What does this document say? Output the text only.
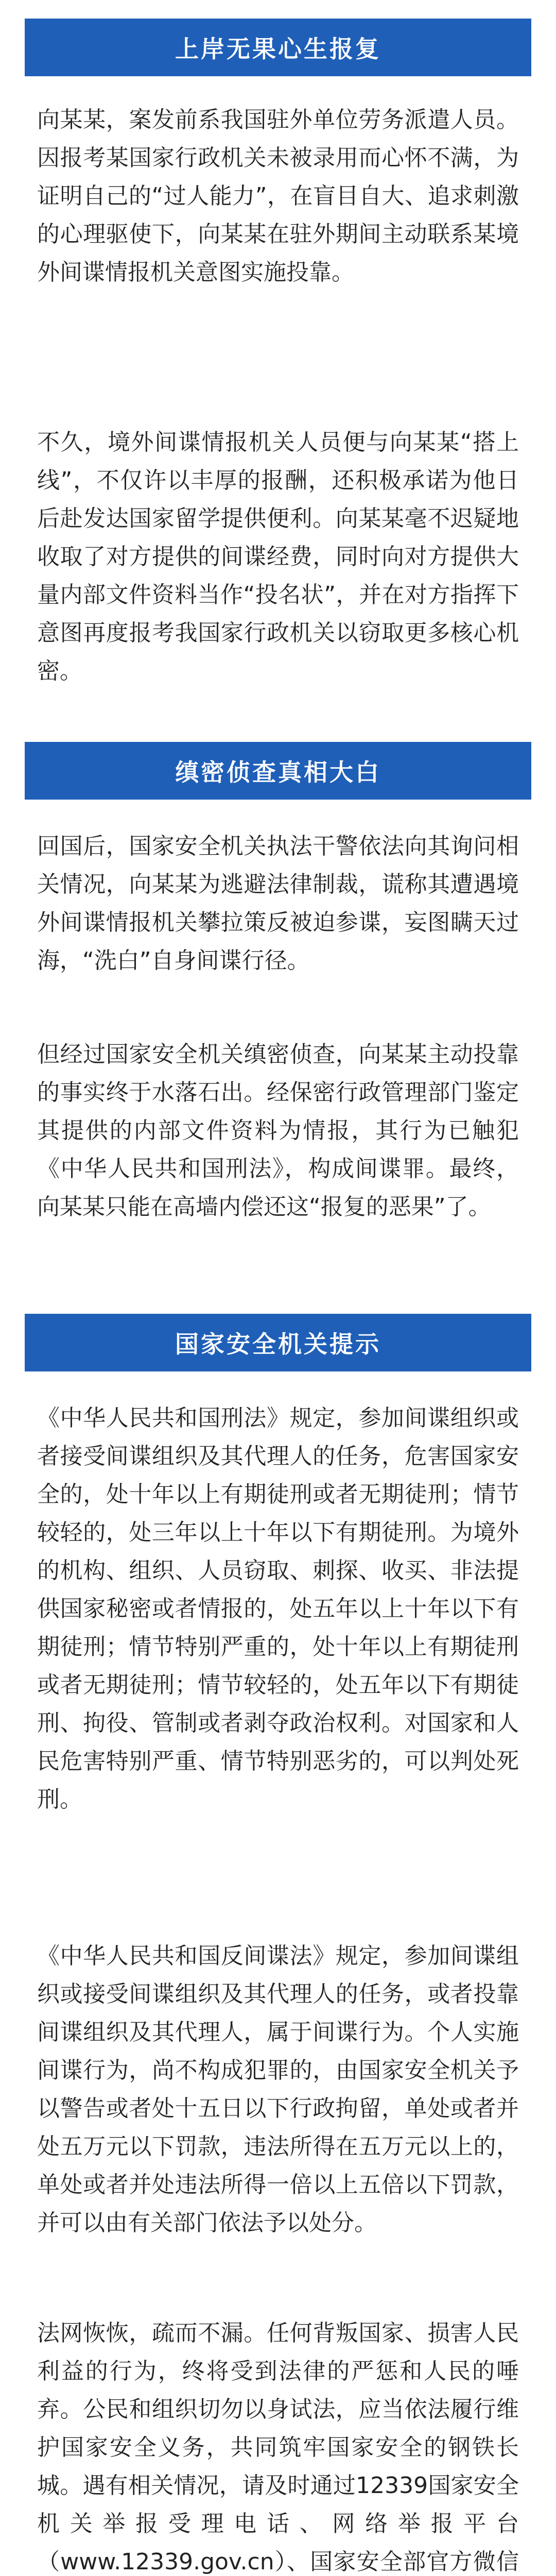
上岸无果心生报复

向某某，案发前系我国驻外单位劳务派遣人员。因报考某国家行政机关未被录用而心怀不满，为证明自己的“过人能力”，在盲目自大、追求刺激的心理驱使下，向某某在驻外期间主动联系某境外间谍情报机关意图实施投靠。

不久，境外间谍情报机关人员便与向某某“搭上线”，不仅许以丰厚的报酬，还积极承诺为他日后赴发达国家留学提供便利。向某某毫不迟疑地收取了对方提供的间谍经费，同时向对方提供大量内部文件资料当作“投名状”，并在对方指挥下意图再度报考我国家行政机关以窃取更多核心机密。

缜密侦查真相大白

回国后，国家安全机关执法干警依法向其询问相关情况，向某某为逃避法律制裁，谎称其遭遇境外间谍情报机关攀拉策反被迫参谍，妄图瞒天过海，“洗白”自身间谍行径。

但经过国家安全机关缜密侦查，向某某主动投靠的事实终于水落石出。经保密行政管理部门鉴定其提供的内部文件资料为情报，其行为已触犯《中华人民共和国刑法》，构成间谍罪。最终，向某某只能在高墙内偿还这“报复的恶果”了。

国家安全机关提示

《中华人民共和国刑法》规定，参加间谍组织或者接受间谍组织及其代理人的任务，危害国家安全的，处十年以上有期徒刑或者无期徒刑；情节较轻的，处三年以上十年以下有期徒刑。为境外的机构、组织、人员窃取、刺探、收买、非法提供国家秘密或者情报的，处五年以上十年以下有期徒刑；情节特别严重的，处十年以上有期徒刑或者无期徒刑；情节较轻的，处五年以下有期徒刑、拘役、管制或者剥夺政治权利。对国家和人民危害特别严重、情节特别恶劣的，可以判处死刑。

《中华人民共和国反间谍法》规定，参加间谍组织或接受间谍组织及其代理人的任务，或者投靠间谍组织及其代理人，属于间谍行为。个人实施间谍行为，尚不构成犯罪的，由国家安全机关予以警告或者处十五日以下行政拘留，单处或者并处五万元以下罚款，违法所得在五万元以上的，单处或者并处违法所得一倍以上五倍以下罚款，并可以由有关部门依法予以处分。

法网恢恢，疏而不漏。任何背叛国家、损害人民利益的行为，终将受到法律的严惩和人民的唾弃。公民和组织切勿以身试法，应当依法履行维护国家安全义务，共同筑牢国家安全的钢铁长城。遇有相关情况，请及时通过12339国家安全机关举报受理电话、网络举报平台（www.12339.gov.cn）、国家安全部官方微信
